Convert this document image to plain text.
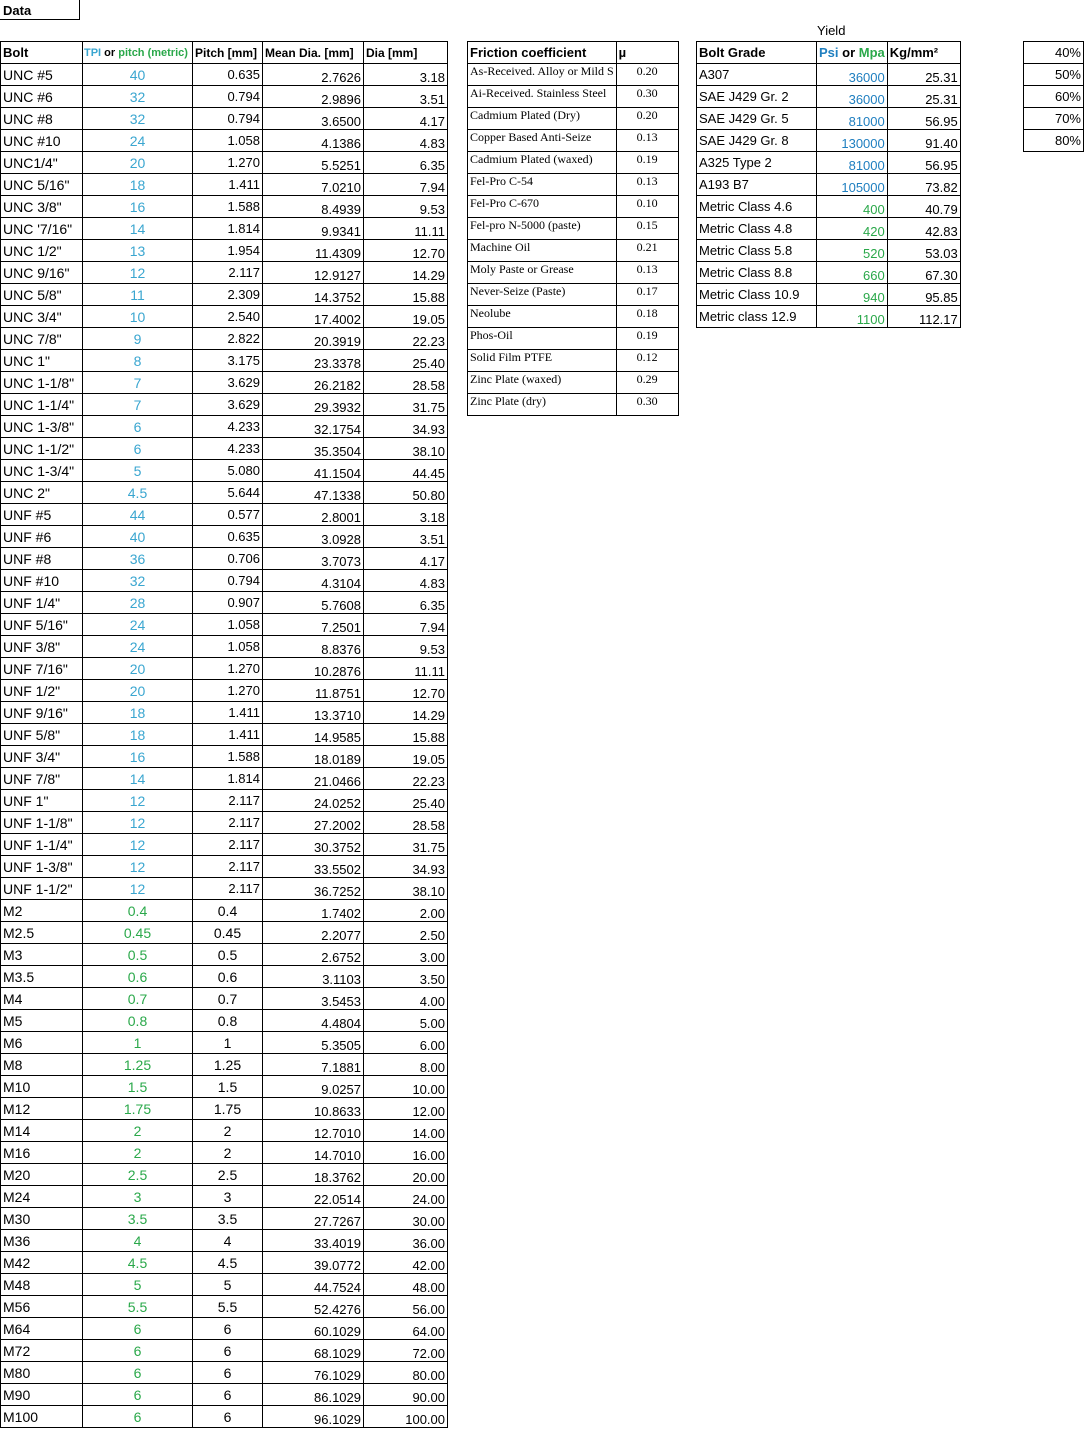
Data
Yield
Bolt	TPI or pitch (metric)	Pitch [mm]	Mean Dia. [mm]	Dia [mm]
UNC #5	40	0.635	2.7626	3.18
UNC #6	32	0.794	2.9896	3.51
UNC #8	32	0.794	3.6500	4.17
UNC #10	24	1.058	4.1386	4.83
UNC1/4"	20	1.270	5.5251	6.35
UNC 5/16"	18	1.411	7.0210	7.94
UNC 3/8"	16	1.588	8.4939	9.53
UNC '7/16"	14	1.814	9.9341	11.11
UNC 1/2"	13	1.954	11.4309	12.70
UNC 9/16"	12	2.117	12.9127	14.29
UNC 5/8"	11	2.309	14.3752	15.88
UNC 3/4"	10	2.540	17.4002	19.05
UNC 7/8"	9	2.822	20.3919	22.23
UNC 1"	8	3.175	23.3378	25.40
UNC 1-1/8"	7	3.629	26.2182	28.58
UNC 1-1/4"	7	3.629	29.3932	31.75
UNC 1-3/8"	6	4.233	32.1754	34.93
UNC 1-1/2"	6	4.233	35.3504	38.10
UNC 1-3/4"	5	5.080	41.1504	44.45
UNC 2"	4.5	5.644	47.1338	50.80
UNF #5	44	0.577	2.8001	3.18
UNF #6	40	0.635	3.0928	3.51
UNF #8	36	0.706	3.7073	4.17
UNF #10	32	0.794	4.3104	4.83
UNF 1/4"	28	0.907	5.7608	6.35
UNF 5/16"	24	1.058	7.2501	7.94
UNF 3/8"	24	1.058	8.8376	9.53
UNF 7/16"	20	1.270	10.2876	11.11
UNF 1/2"	20	1.270	11.8751	12.70
UNF 9/16"	18	1.411	13.3710	14.29
UNF 5/8"	18	1.411	14.9585	15.88
UNF 3/4"	16	1.588	18.0189	19.05
UNF 7/8"	14	1.814	21.0466	22.23
UNF 1"	12	2.117	24.0252	25.40
UNF 1-1/8"	12	2.117	27.2002	28.58
UNF 1-1/4"	12	2.117	30.3752	31.75
UNF 1-3/8"	12	2.117	33.5502	34.93
UNF 1-1/2"	12	2.117	36.7252	38.10
M2	0.4	0.4	1.7402	2.00
M2.5	0.45	0.45	2.2077	2.50
M3	0.5	0.5	2.6752	3.00
M3.5	0.6	0.6	3.1103	3.50
M4	0.7	0.7	3.5453	4.00
M5	0.8	0.8	4.4804	5.00
M6	1	1	5.3505	6.00
M8	1.25	1.25	7.1881	8.00
M10	1.5	1.5	9.0257	10.00
M12	1.75	1.75	10.8633	12.00
M14	2	2	12.7010	14.00
M16	2	2	14.7010	16.00
M20	2.5	2.5	18.3762	20.00
M24	3	3	22.0514	24.00
M30	3.5	3.5	27.7267	30.00
M36	4	4	33.4019	36.00
M42	4.5	4.5	39.0772	42.00
M48	5	5	44.7524	48.00
M56	5.5	5.5	52.4276	56.00
M64	6	6	60.1029	64.00
M72	6	6	68.1029	72.00
M80	6	6	76.1029	80.00
M90	6	6	86.1029	90.00
M100	6	6	96.1029	100.00
Friction coefficient	µ
As-Received. Alloy or Mild S	0.20
Ai-Received. Stainless Steel	0.30
Cadmium Plated (Dry)	0.20
Copper Based Anti-Seize	0.13
Cadmium Plated (waxed)	0.19
Fel-Pro C-54	0.13
Fel-Pro C-670	0.10
Fel-pro N-5000 (paste)	0.15
Machine Oil	0.21
Moly Paste or Grease	0.13
Never-Seize (Paste)	0.17
Neolube	0.18
Phos-Oil	0.19
Solid Film PTFE	0.12
Zinc Plate (waxed)	0.29
Zinc Plate (dry)	0.30
Bolt Grade	Psi or Mpa	Kg/mm²
A307	36000	25.31
SAE J429 Gr. 2	36000	25.31
SAE J429 Gr. 5	81000	56.95
SAE J429 Gr. 8	130000	91.40
A325 Type 2	81000	56.95
A193 B7	105000	73.82
Metric Class 4.6	400	40.79
Metric Class 4.8	420	42.83
Metric Class 5.8	520	53.03
Metric Class 8.8	660	67.30
Metric Class 10.9	940	95.85
Metric class 12.9	1100	112.17
40%
50%
60%
70%
80%
